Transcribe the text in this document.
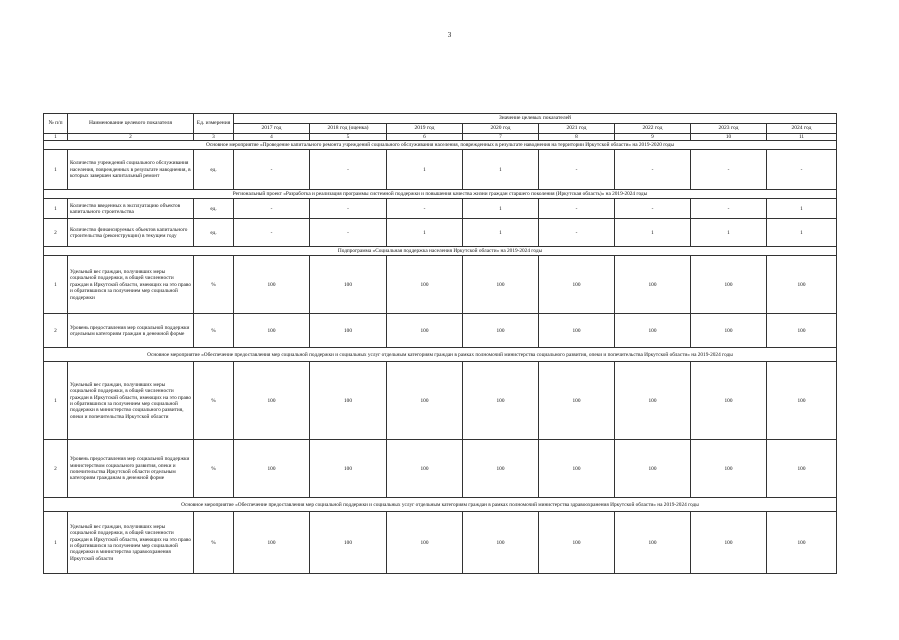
3
№ п/п	Наименование целевого показателя	Ед. измерения	Значение целевых показателей							
			2017 год	2018 год (оценка)	2019 год	2020 год	2021 год	2022 год	2023 год	2024 год
1	2	3	4	5	6	7	8	9	10	11
Основное мероприятие «Проведение капитального ремонта учреждений социального обслуживания населения, поврежденных в результате наводнения на территории Иркутской области» на 2019-2020 годы										
1	Количество учреждений социального обслуживания населения, поврежденных в результате наводнения, в которых завершен капитальный ремонт	ед.	-	-	1	1	-	-	-	-
Региональный проект «Разработка и реализация программы системной поддержки и повышения качества жизни граждан старшего поколения (Иркутская область)» на 2019-2024 годы										
1	Количество введенных в эксплуатацию объектов капитального строительства	ед.	-	-	-	1	-	-	-	1
2	Количество финансируемых объектов капитального строительства (реконструкции) в текущем году	ед.	-	-	1	1	-	1	1	1
Подпрограмма «Социальная поддержка населения Иркутской области» на 2019-2024 годы										
1	Удельный вес граждан, получивших меры социальной поддержки, в общей численности граждан в Иркутской области, имеющих на это право и обратившихся за получением мер социальной поддержки	%	100	100	100	100	100	100	100	100
2	Уровень предоставления мер социальной поддержки отдельным категориям граждан в денежной форме	%	100	100	100	100	100	100	100	100
Основное мероприятие «Обеспечение предоставления мер социальной поддержки и социальных услуг отдельным категориям граждан в рамках полномочий министерства социального развития, опеки и попечительства Иркутской области» на 2019-2024 годы										
1	Удельный вес граждан, получивших меры социальной поддержки, в общей численности граждан в Иркутской области, имеющих на это право и обратившихся за получением мер социальной поддержки в министерство социального развития, опеки и попечительства Иркутской области	%	100	100	100	100	100	100	100	100
2	Уровень предоставления мер социальной поддержки министерством социального развития, опеки и попечительства Иркутской области отдельным категориям гражданам в денежной форме	%	100	100	100	100	100	100	100	100
Основное мероприятие «Обеспечение предоставления мер социальной поддержки и социальных услуг отдельным категориям граждан в рамках полномочий министерства здравоохранения Иркутской области» на 2019-2024 годы										
1	Удельный вес граждан, получивших меры социальной поддержки, в общей численности граждан в Иркутской области, имеющих на это право и обратившихся за получением мер социальной поддержки в министерство здравоохранения Иркутской области	%	100	100	100	100	100	100	100	100
